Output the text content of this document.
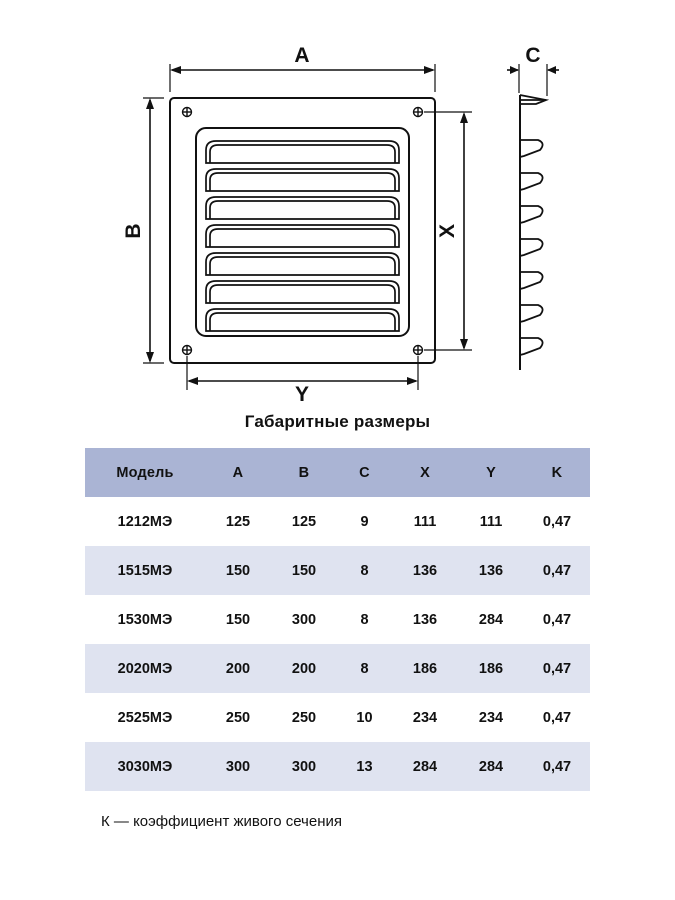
A
B	X
Y
C
Габаритные размеры
Модель	A	B	C	X	Y	K
1212МЭ	125	125	9	111	111	0,47
1515МЭ	150	150	8	136	136	0,47
1530МЭ	150	300	8	136	284	0,47
2020МЭ	200	200	8	186	186	0,47
2525МЭ	250	250	10	234	234	0,47
3030МЭ	300	300	13	284	284	0,47
К — коэффициент живого сечения
